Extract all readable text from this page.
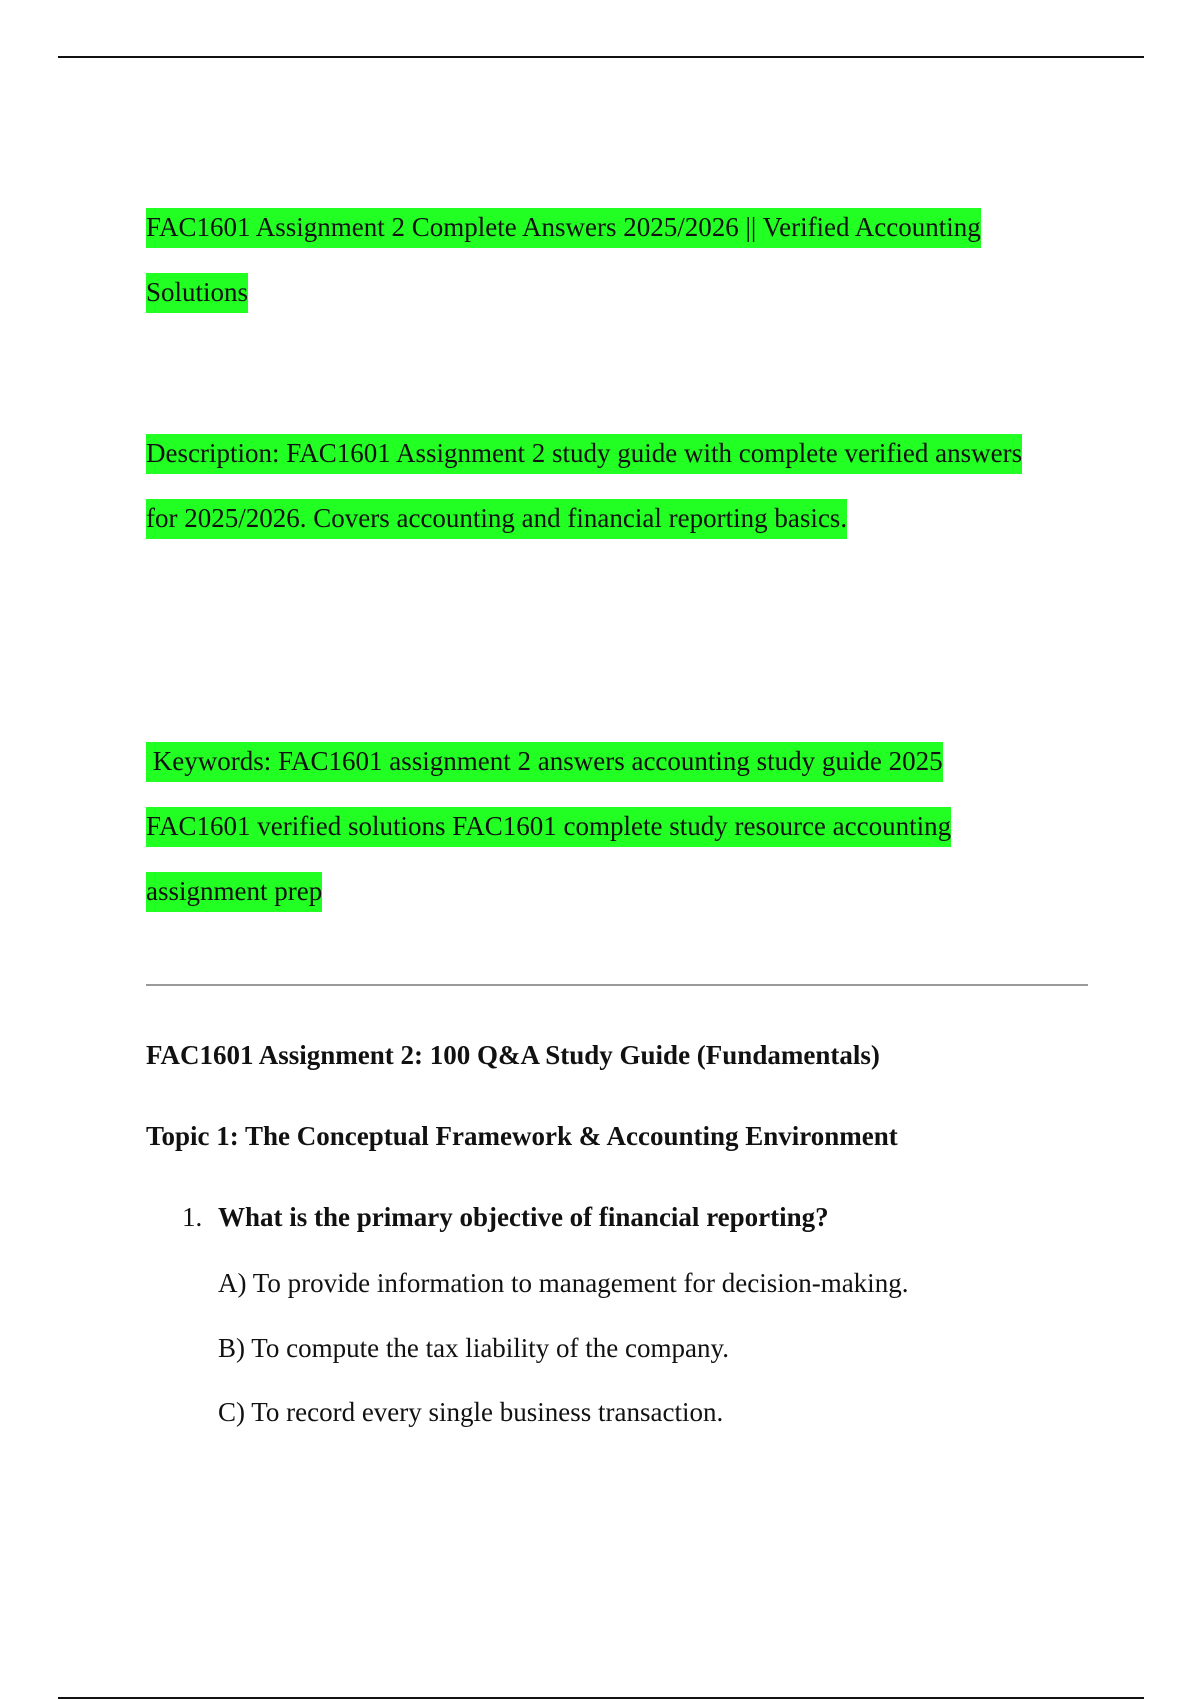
FAC1601 Assignment 2 Complete Answers 2025/2026 || Verified Accounting
Solutions
Description: FAC1601 Assignment 2 study guide with complete verified answers
for 2025/2026. Covers accounting and financial reporting basics.
Keywords: FAC1601 assignment 2 answers accounting study guide 2025
FAC1601 verified solutions FAC1601 complete study resource accounting
assignment prep
FAC1601 Assignment 2: 100 Q&A Study Guide (Fundamentals)
Topic 1: The Conceptual Framework & Accounting Environment
1. What is the primary objective of financial reporting?
A) To provide information to management for decision-making.
B) To compute the tax liability of the company.
C) To record every single business transaction.
